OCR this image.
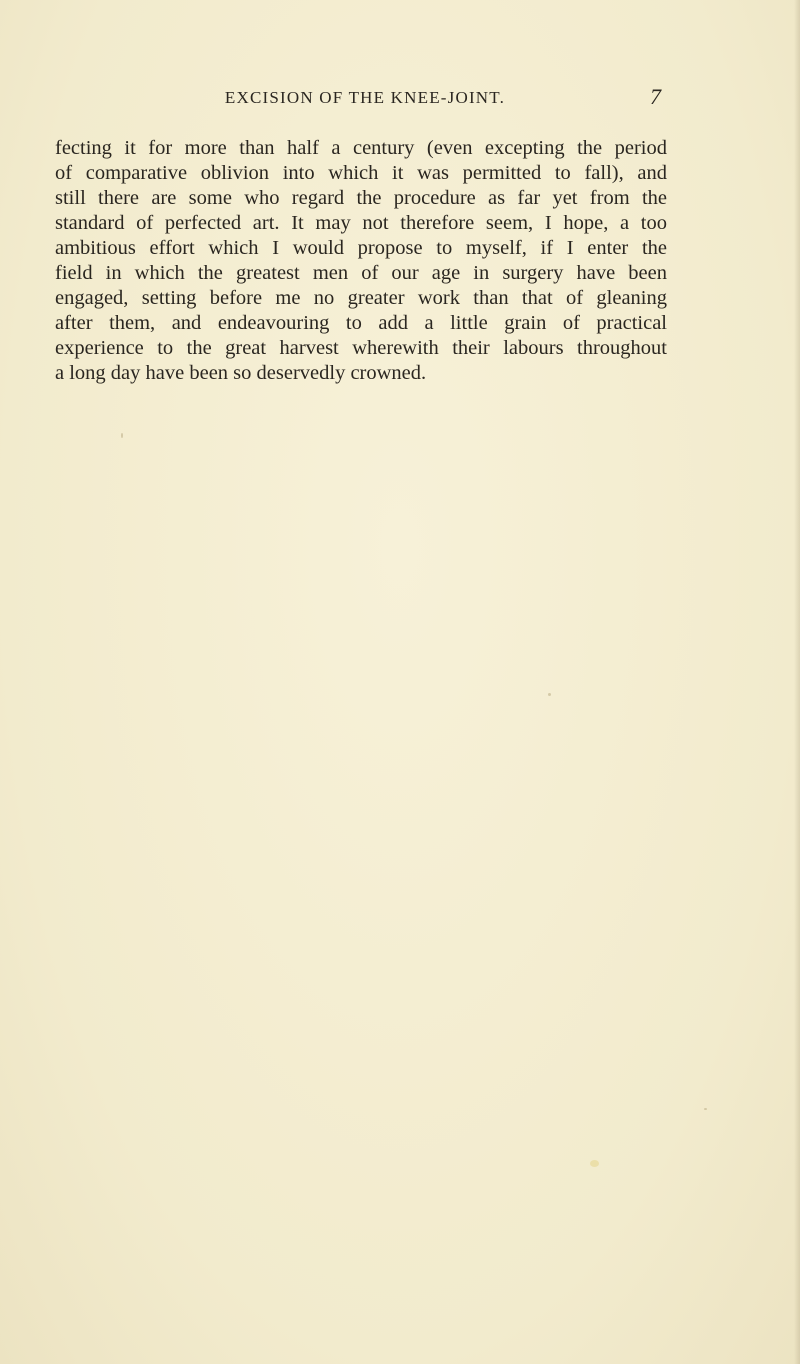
EXCISION OF THE KNEE-JOINT.	7
fecting it for more than half a century (even excepting the period
of comparative oblivion into which it was permitted to fall), and
still there are some who regard the procedure as far yet from the
standard of perfected art. It may not therefore seem, I hope, a too
ambitious effort which I would propose to myself, if I enter the
field in which the greatest men of our age in surgery have been
engaged, setting before me no greater work than that of gleaning
after them, and endeavouring to add a little grain of practical
experience to the great harvest wherewith their labours throughout
a long day have been so deservedly crowned.
